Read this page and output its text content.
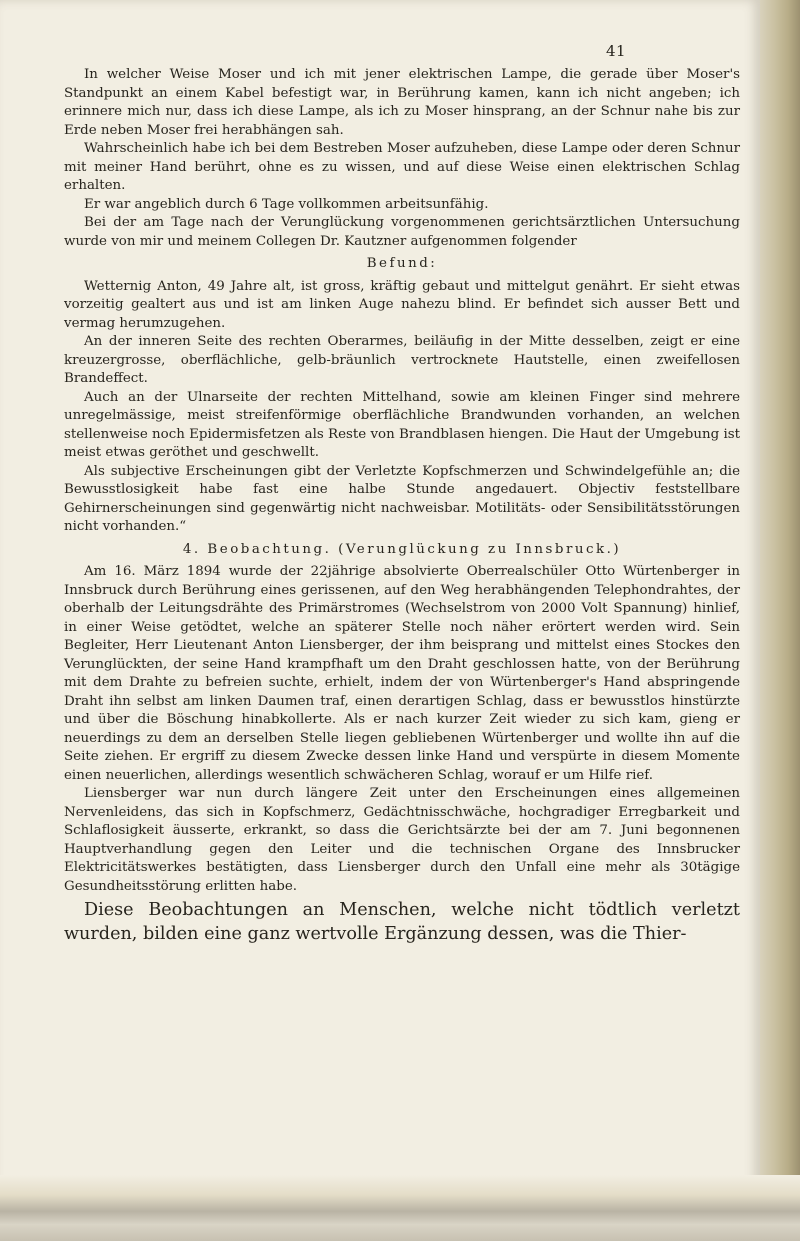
41

In welcher Weise Moser und ich mit jener elektrischen Lampe, die gerade über Moser's Standpunkt an einem Kabel befestigt war, in Berührung kamen, kann ich nicht angeben; ich erinnere mich nur, dass ich diese Lampe, als ich zu Moser hinsprang, an der Schnur nahe bis zur Erde neben Moser frei herabhängen sah.

Wahrscheinlich habe ich bei dem Bestreben Moser aufzuheben, diese Lampe oder deren Schnur mit meiner Hand berührt, ohne es zu wissen, und auf diese Weise einen elektrischen Schlag erhalten.

Er war angeblich durch 6 Tage vollkommen arbeitsunfähig.

Bei der am Tage nach der Verunglückung vorgenommenen gerichtsärztlichen Untersuchung wurde von mir und meinem Collegen Dr. Kautzner aufgenommen folgender

Befund:

Wetternig Anton, 49 Jahre alt, ist gross, kräftig gebaut und mittelgut genährt. Er sieht etwas vorzeitig gealtert aus und ist am linken Auge nahezu blind. Er befindet sich ausser Bett und vermag herumzugehen.

An der inneren Seite des rechten Oberarmes, beiläufig in der Mitte desselben, zeigt er eine kreuzergrosse, oberflächliche, gelb-bräunlich vertrocknete Hautstelle, einen zweifellosen Brandeffect.

Auch an der Ulnarseite der rechten Mittelhand, sowie am kleinen Finger sind mehrere unregelmässige, meist streifenförmige oberflächliche Brandwunden vorhanden, an welchen stellenweise noch Epidermisfetzen als Reste von Brandblasen hiengen. Die Haut der Umgebung ist meist etwas geröthet und geschwellt.

Als subjective Erscheinungen gibt der Verletzte Kopfschmerzen und Schwindelgefühle an; die Bewusstlosigkeit habe fast eine halbe Stunde angedauert. Objectiv feststellbare Gehirnerscheinungen sind gegenwärtig nicht nachweisbar. Motilitäts- oder Sensibilitätsstörungen nicht vorhanden.“

4. Beobachtung. (Verunglückung zu Innsbruck.)

Am 16. März 1894 wurde der 22jährige absolvierte Oberrealschüler Otto Würtenberger in Innsbruck durch Berührung eines gerissenen, auf den Weg herabhängenden Telephondrahtes, der oberhalb der Leitungsdrähte des Primärstromes (Wechselstrom von 2000 Volt Spannung) hinlief, in einer Weise getödtet, welche an späterer Stelle noch näher erörtert werden wird. Sein Begleiter, Herr Lieutenant Anton Liensberger, der ihm beisprang und mittelst eines Stockes den Verunglückten, der seine Hand krampfhaft um den Draht geschlossen hatte, von der Berührung mit dem Drahte zu befreien suchte, erhielt, indem der von Würtenberger's Hand abspringende Draht ihn selbst am linken Daumen traf, einen derartigen Schlag, dass er bewusstlos hinstürzte und über die Böschung hinabkollerte. Als er nach kurzer Zeit wieder zu sich kam, gieng er neuerdings zu dem an derselben Stelle liegen gebliebenen Würtenberger und wollte ihn auf die Seite ziehen. Er ergriff zu diesem Zwecke dessen linke Hand und verspürte in diesem Momente einen neuerlichen, allerdings wesentlich schwächeren Schlag, worauf er um Hilfe rief.

Liensberger war nun durch längere Zeit unter den Erscheinungen eines allgemeinen Nervenleidens, das sich in Kopfschmerz, Gedächtnisschwäche, hochgradiger Erregbarkeit und Schlaflosigkeit äusserte, erkrankt, so dass die Gerichtsärzte bei der am 7. Juni begonnenen Hauptverhandlung gegen den Leiter und die technischen Organe des Innsbrucker Elektricitätswerkes bestätigten, dass Liensberger durch den Unfall eine mehr als 30tägige Gesundheitsstörung erlitten habe.

Diese Beobachtungen an Menschen, welche nicht tödtlich verletzt wurden, bilden eine ganz wertvolle Ergänzung dessen, was die Thier-
